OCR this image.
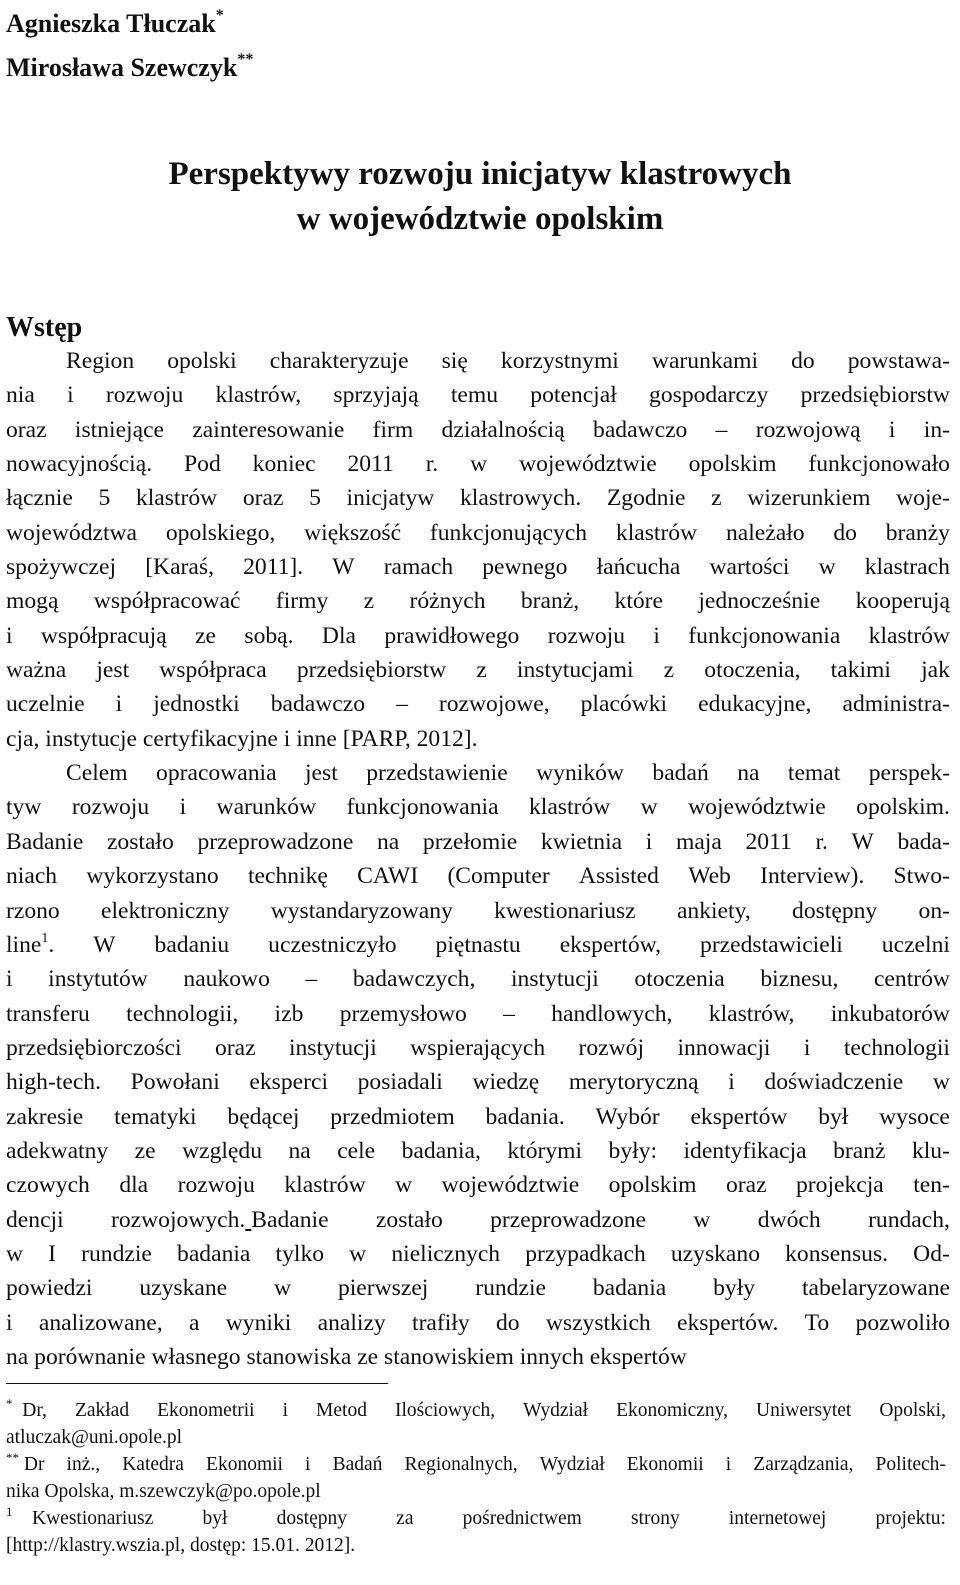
Agnieszka Tłuczak*
Mirosława Szewczyk**
Perspektywy rozwoju inicjatyw klastrowych
w województwie opolskim
Wstęp
Region opolski charakteryzuje się korzystnymi warunkami do powstawa-
nia i rozwoju klastrów, sprzyjają temu potencjał gospodarczy przedsiębiorstw
oraz istniejące zainteresowanie firm działalnością badawczo – rozwojową i in-
nowacyjnością. Pod koniec 2011 r. w województwie opolskim funkcjonowało
łącznie 5 klastrów oraz 5 inicjatyw klastrowych. Zgodnie z wizerunkiem woje-
województwa opolskiego, większość funkcjonujących klastrów należało do branży
spożywczej [Karaś, 2011]. W ramach pewnego łańcucha wartości w klastrach
mogą współpracować firmy z różnych branż, które jednocześnie kooperują
i współpracują ze sobą. Dla prawidłowego rozwoju i funkcjonowania klastrów
ważna jest współpraca przedsiębiorstw z instytucjami z otoczenia, takimi jak
uczelnie i jednostki badawczo – rozwojowe, placówki edukacyjne, administra-
cja, instytucje certyfikacyjne i inne [PARP, 2012].
Celem opracowania jest przedstawienie wyników badań na temat perspek-
tyw rozwoju i warunków funkcjonowania klastrów w województwie opolskim.
Badanie zostało przeprowadzone na przełomie kwietnia i maja 2011 r. W bada-
niach wykorzystano technikę CAWI (Computer Assisted Web Interview). Stwo-
rzono elektroniczny wystandaryzowany kwestionariusz ankiety, dostępny on-
line$^1$. W badaniu uczestniczyło piętnastu ekspertów, przedstawicieli uczelni
i instytutów naukowo – badawczych, instytucji otoczenia biznesu, centrów
transferu technologii, izb przemysłowo – handlowych, klastrów, inkubatorów
przedsiębiorczości oraz instytucji wspierających rozwój innowacji i technologii
high-tech. Powołani eksperci posiadali wiedzę merytoryczną i doświadczenie w
zakresie tematyki będącej przedmiotem badania. Wybór ekspertów był wysoce
adekwatny ze względu na cele badania, którymi były: identyfikacja branż klu-
czowych dla rozwoju klastrów w województwie opolskim oraz projekcja ten-
dencji rozwojowych. Badanie zostało przeprowadzone w dwóch rundach,
w I rundzie badania tylko w nielicznych przypadkach uzyskano konsensus. Od-
powiedzi uzyskane w pierwszej rundzie badania były tabelaryzowane
i analizowane, a wyniki analizy trafiły do wszystkich ekspertów. To pozwoliło
na porównanie własnego stanowiska ze stanowiskiem innych ekspertów
*  Dr, Zakład Ekonometrii i Metod Ilościowych, Wydział Ekonomiczny, Uniwersytet Opolski,
atluczak@uni.opole.pl
** Dr inż., Katedra Ekonomii i Badań Regionalnych, Wydział Ekonomii i Zarządzania, Politech-
nika Opolska, m.szewczyk@po.opole.pl
$^1$    Kwestionariusz	był	dostępny	za	pośrednictwem	strony	internetowej	projektu:
[http://klastry.wszia.pl, dostęp: 15.01. 2012].
